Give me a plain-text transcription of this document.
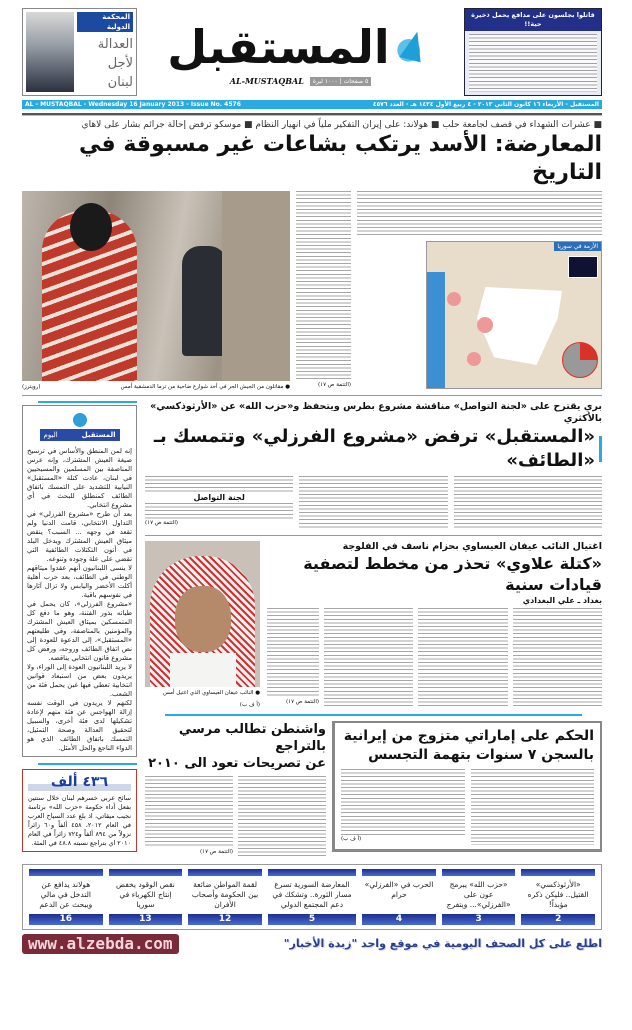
المحكمة الدولية
العدالة
لأجل
لبنان
المستقبل
AL-MUSTAQBAL	٥ صفحات | ١٠٠٠ ليرة
قاتلوا بجلسون على مدافع يحمل ذخيرة حية!!
AL - MUSTAQBAL - Wednesday 16 January 2013 - Issue No. 4576	المستقبل - الأربعاء ١٦ كانون الثاني ٢٠١٣ - ٤ ربيع الأول ١٤٣٤ هـ - العدد ٤٥٧٦
■ عشرات الشهداء في قصف لجامعة حلب ■ هولاند: على إيران التفكير ملياً في انهيار النظام ■ موسكو ترفض إحالة جرائم بشار على لاهاي
المعارضة: الأسد يرتكب بشاعات غير مسبوقة في التاريخ
(رويترز)	● مقاتلون من الجيش الحر في أحد شوارع ضاحية من ترما الدمشقية أمس	(التتمة ص ١٧)
الأزمة في سوريا
المستقبل
اليوم

إنه لمن المنطق والأساس في ترسيخ صيغة العيش المشترك، وإنه عرس المناصفة بين المسلمين والمسيحيين في لبنان، عادت كتلة «المستقبل» النيابية للتشديد على التمسك باتفاق الطائف كمنطلق للبحث في أي مشروع انتخابي.

بعد أن طرح «مشروع الفرزلي» في التداول الانتخابي، قامت الدنيا ولم تقعد في وجهه ... السبب؟ ينقض ميثاق العيش المشترك ويدخل البلد في أتون التكتلات الطائفية التي تقضي على علة وجوده وتنوعه.

لا ينسى اللبنانيون أنهم عقدوا ميثاقهم الوطني في الطائف، بعد حرب أهلية أكلت الأخضر واليابس ولا تزال آثارها في نفوسهم باقية.

«مشروع الفرزلي»، كان يحمل في طياته بذور الفتنة، وهو ما دفع كل المتمسكين بميثاق العيش المشترك والمؤمنين بالمناصفة، وفي طليعتهم «المستقبل»، إلى الدعوة للعودة إلى نص اتفاق الطائف وروحه، ورفض كل مشروع قانون انتخابي يناقضه.

لا يريد اللبنانيون العودة إلى الوراء، ولا يريدون بعض من استبعاد قوانين انتخابية تعطي فيها غبن يحمل فئة من الشعب.

لكنهم لا يريدون في الوقت نفسه إزالة الهواجس عن فئة منهم لإعادة تشكيلها لدى فئة أخرى، والسبيل لتحقيق العدالة وصحة التمثيل، التمسك باتفاق الطائف الذي هو الدواء الناجع والحل الأمثل.

٤٣٦ ألف
سائح عربي خسرهم لبنان خلال سنتين بفعل أداء حكومة «حزب الله» برئاسة نجيب ميقاتي، اذ بلغ عدد السياح العرب في العام ٢٠١٢، ٤٥٨ ألفاً و٦٠ زائراً نزولاً من ٨٩٤ ألفاً و٧٢٤ زائراً في العام ٢٠١٠ اي بتراجع نسبته ٤٨.٨ في المئة.
بري يقترح على «لجنة التواصل» مناقشة مشروع بطرس ويتحفظ و«حزب الله» عن «الأرثوذكسي» بالأكثري
«المستقبل» ترفض «مشروع الفرزلي» وتتمسك بـ «الطائف»
لجنة التواصل
(التتمة ص ١٧)
اغتيال النائب عيفان العيساوي بحزام ناسف في الفلوجة
«كتلة علاوي» تحذر من مخطط لتصفية قيادات سنية
بغداد ـ علي البغدادي
(التتمة ص ١٧)
● النائب عيفان العيساوي الذي اغتيل أمس
(أ ف ب)
الحكم على إماراتي متزوج من إيرانية
بالسجن ٧ سنوات بتهمة التجسس
(أ ف ب)
واشنطن تطالب مرسي بالتراجع
عن تصريحات تعود الى ٢٠١٠
(التتمة ص ١٧)
«الأرثوذكسي» القتيل.. فليكن ذكره مؤبداً!
2
«حزب الله» يبرمج عون على «الفرزلي»... ويتفرج
3
الحرب في «الفرزلي» حرام
4
المعارضة السورية تسرع مسار الثورة.. وتشكك في دعم المجتمع الدولي
5
لقمة المواطن ضائعة بين الحكومة وأصحاب الأفران
12
نقص الوقود يخفض إنتاج الكهرباء في سوريا
13
هولاند يدافع عن التدخل في مالي ويبحث عن الدعم
16
www.alzebda.com	اطلع على كل الصحف اليومية في موقع واحد "زبدة الأخبار"
